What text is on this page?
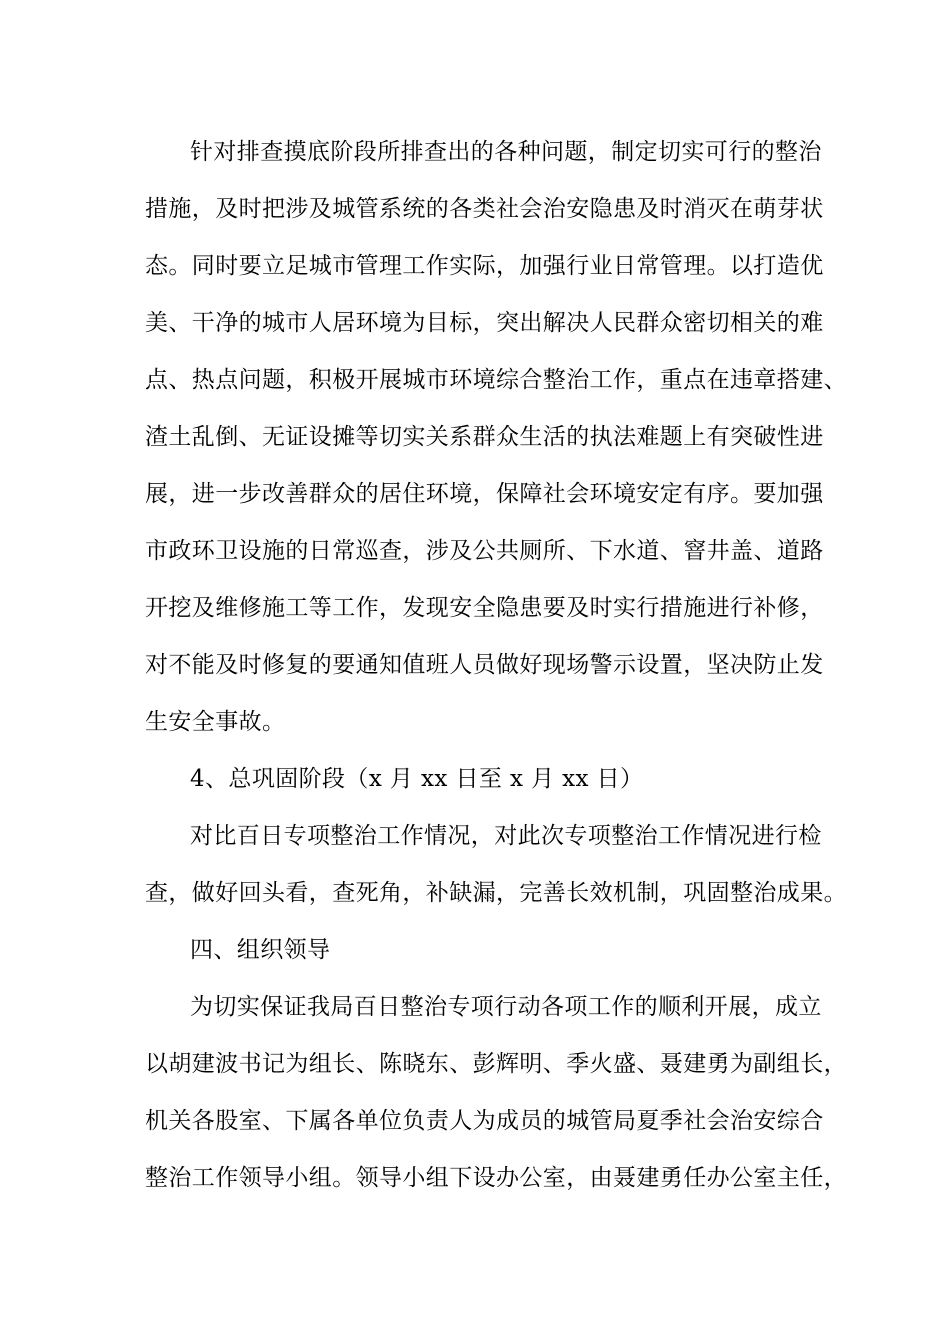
针对排查摸底阶段所排查出的各种问题，制定切实可行的整治
措施，及时把涉及城管系统的各类社会治安隐患及时消灭在萌芽状
态。同时要立足城市管理工作实际，加强行业日常管理。以打造优
美、干净的城市人居环境为目标，突出解决人民群众密切相关的难
点、热点问题，积极开展城市环境综合整治工作，重点在违章搭建、
渣土乱倒、无证设摊等切实关系群众生活的执法难题上有突破性进
展，进一步改善群众的居住环境，保障社会环境安定有序。要加强
市政环卫设施的日常巡查，涉及公共厕所、下水道、窨井盖、道路
开挖及维修施工等工作，发现安全隐患要及时实行措施进行补修，
对不能及时修复的要通知值班人员做好现场警示设置，坚决防止发
生安全事故。
4、总巩固阶段（x 月 xx 日至 x 月 xx 日）
对比百日专项整治工作情况，对此次专项整治工作情况进行检
查，做好回头看，查死角，补缺漏，完善长效机制，巩固整治成果。
四、组织领导
为切实保证我局百日整治专项行动各项工作的顺利开展，成立
以胡建波书记为组长、陈晓东、彭辉明、季火盛、聂建勇为副组长，
机关各股室、下属各单位负责人为成员的城管局夏季社会治安综合
整治工作领导小组。领导小组下设办公室，由聂建勇任办公室主任，
